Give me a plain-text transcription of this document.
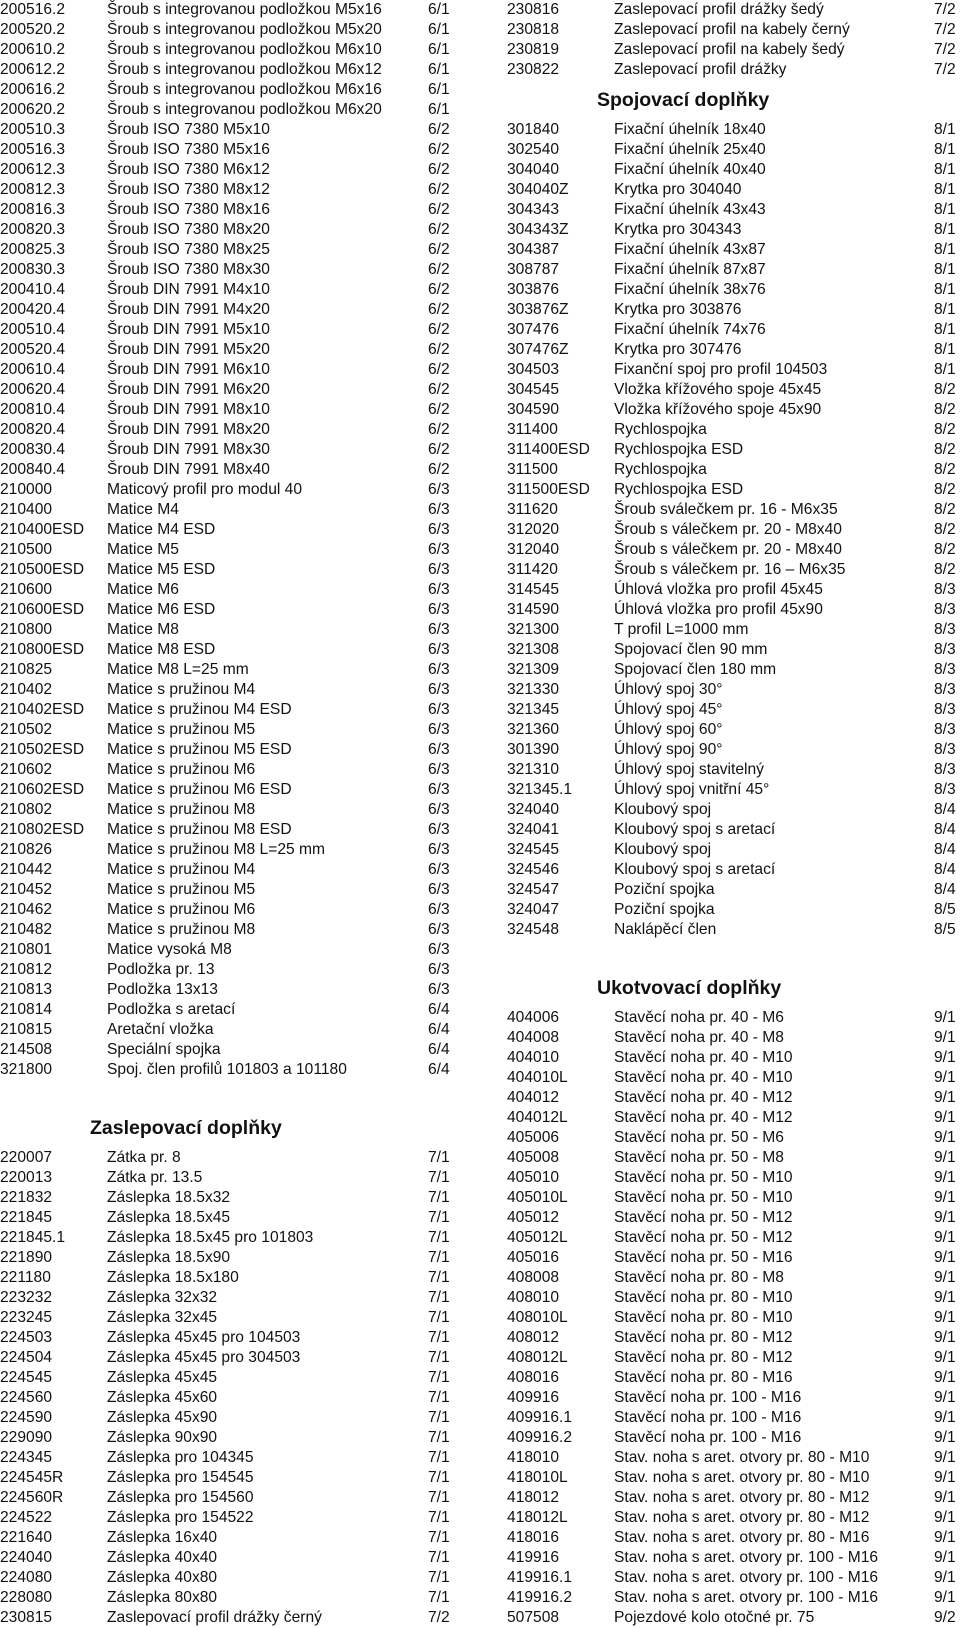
200516.2	Šroub s integrovanou podložkou M5x16	6/1
200520.2	Šroub s integrovanou podložkou M5x20	6/1
200610.2	Šroub s integrovanou podložkou M6x10	6/1
200612.2	Šroub s integrovanou podložkou M6x12	6/1
200616.2	Šroub s integrovanou podložkou M6x16	6/1
200620.2	Šroub s integrovanou podložkou M6x20	6/1
200510.3	Šroub ISO 7380 M5x10	6/2
200516.3	Šroub ISO 7380 M5x16	6/2
200612.3	Šroub ISO 7380 M6x12	6/2
200812.3	Šroub ISO 7380 M8x12	6/2
200816.3	Šroub ISO 7380 M8x16	6/2
200820.3	Šroub ISO 7380 M8x20	6/2
200825.3	Šroub ISO 7380 M8x25	6/2
200830.3	Šroub ISO 7380 M8x30	6/2
200410.4	Šroub DIN 7991 M4x10	6/2
200420.4	Šroub DIN 7991 M4x20	6/2
200510.4	Šroub DIN 7991 M5x10	6/2
200520.4	Šroub DIN 7991 M5x20	6/2
200610.4	Šroub DIN 7991 M6x10	6/2
200620.4	Šroub DIN 7991 M6x20	6/2
200810.4	Šroub DIN 7991 M8x10	6/2
200820.4	Šroub DIN 7991 M8x20	6/2
200830.4	Šroub DIN 7991 M8x30	6/2
200840.4	Šroub DIN 7991 M8x40	6/2
210000	Maticový profil pro modul 40	6/3
210400	Matice M4	6/3
210400ESD Matice M4 ESD	6/3
210500	Matice M5	6/3
210500ESD Matice M5 ESD	6/3
210600	Matice M6	6/3
210600ESD Matice M6 ESD	6/3
210800	Matice M8	6/3
210800ESD Matice M8 ESD	6/3
210825	Matice M8 L=25 mm	6/3
210402	Matice s pružinou M4	6/3
210402ESD Matice s pružinou M4 ESD	6/3
210502	Matice s pružinou M5	6/3
210502ESD Matice s pružinou M5 ESD	6/3
210602	Matice s pružinou M6	6/3
210602ESD Matice s pružinou M6 ESD	6/3
210802	Matice s pružinou M8	6/3
210802ESD Matice s pružinou M8 ESD	6/3
210826	Matice s pružinou M8 L=25 mm	6/3
210442	Matice s pružinou M4	6/3
210452	Matice s pružinou M5	6/3
210462	Matice s pružinou M6	6/3
210482	Matice s pružinou M8	6/3
210801	Matice vysoká M8	6/3
210812	Podložka pr. 13	6/3
210813	Podložka 13x13	6/3
210814	Podložka s aretací	6/4
210815	Aretační vložka	6/4
214508	Speciální spojka	6/4
321800	Spoj. člen profilů 101803 a 101180	6/4
Zaslepovací doplňky
220007	Zátka pr. 8	7/1
220013	Zátka pr. 13.5	7/1
221832	Záslepka 18.5x32	7/1
221845	Záslepka 18.5x45	7/1
221845.1	Záslepka 18.5x45 pro 101803	7/1
221890	Záslepka 18.5x90	7/1
221180	Záslepka 18.5x180	7/1
223232	Záslepka 32x32	7/1
223245	Záslepka 32x45	7/1
224503	Záslepka 45x45 pro 104503	7/1
224504	Záslepka 45x45 pro 304503	7/1
224545	Záslepka 45x45	7/1
224560	Záslepka 45x60	7/1
224590	Záslepka 45x90	7/1
229090	Záslepka 90x90	7/1
224345	Záslepka pro 104345	7/1
224545R	Záslepka pro 154545	7/1
224560R	Záslepka pro 154560	7/1
224522	Záslepka pro 154522	7/1
221640	Záslepka 16x40	7/1
224040	Záslepka 40x40	7/1
224080	Záslepka 40x80	7/1
228080	Záslepka 80x80	7/1
230815	Zaslepovací profil drážky černý	7/2
230816	Zaslepovací profil drážky šedý	7/2
230818	Zaslepovací profil na kabely černý	7/2
230819	Zaslepovací profil na kabely šedý	7/2
230822	Zaslepovací profil drážky	7/2
Spojovací doplňky
301840	Fixační úhelník 18x40	8/1
302540	Fixační úhelník 25x40	8/1
304040	Fixační úhelník 40x40	8/1
304040Z	Krytka pro 304040	8/1
304343	Fixační úhelník 43x43	8/1
304343Z	Krytka pro 304343	8/1
304387	Fixační úhelník 43x87	8/1
308787	Fixační úhelník 87x87	8/1
303876	Fixační úhelník 38x76	8/1
303876Z	Krytka pro 303876	8/1
307476	Fixační úhelník 74x76	8/1
307476Z	Krytka pro 307476	8/1
304503	Fixanční spoj pro profil 104503	8/1
304545	Vložka křížového spoje 45x45	8/2
304590	Vložka křížového spoje 45x90	8/2
311400	Rychlospojka	8/2
311400ESD Rychlospojka ESD	8/2
311500	Rychlospojka	8/2
311500ESD Rychlospojka ESD	8/2
311620	Šroub sválečkem pr. 16 - M6x35	8/2
312020	Šroub s válečkem pr. 20 - M8x40	8/2
312040	Šroub s válečkem pr. 20 - M8x40	8/2
311420	Šroub s válečkem pr. 16 – M6x35	8/2
314545	Úhlová vložka pro profil 45x45	8/3
314590	Úhlová vložka pro profil 45x90	8/3
321300	T profil L=1000 mm	8/3
321308	Spojovací člen 90 mm	8/3
321309	Spojovací člen 180 mm	8/3
321330	Úhlový spoj 30°	8/3
321345	Úhlový spoj 45°	8/3
321360	Úhlový spoj 60°	8/3
301390	Úhlový spoj 90°	8/3
321310	Úhlový spoj stavitelný	8/3
321345.1	Úhlový spoj vnitřní 45°	8/3
324040	Kloubový spoj	8/4
324041	Kloubový spoj s aretací	8/4
324545	Kloubový spoj	8/4
324546	Kloubový spoj s aretací	8/4
324547	Poziční spojka	8/4
324047	Poziční spojka	8/5
324548	Naklápěcí člen	8/5
Ukotvovací doplňky
404006	Stavěcí noha pr. 40 - M6	9/1
404008	Stavěcí noha pr. 40 - M8	9/1
404010	Stavěcí noha pr. 40 - M10	9/1
404010L	Stavěcí noha pr. 40 - M10	9/1
404012	Stavěcí noha pr. 40 - M12	9/1
404012L	Stavěcí noha pr. 40 - M12	9/1
405006	Stavěcí noha pr. 50 - M6	9/1
405008	Stavěcí noha pr. 50 - M8	9/1
405010	Stavěcí noha pr. 50 - M10	9/1
405010L	Stavěcí noha pr. 50 - M10	9/1
405012	Stavěcí noha pr. 50 - M12	9/1
405012L	Stavěcí noha pr. 50 - M12	9/1
405016	Stavěcí noha pr. 50 - M16	9/1
408008	Stavěcí noha pr. 80 - M8	9/1
408010	Stavěcí noha pr. 80 - M10	9/1
408010L	Stavěcí noha pr. 80 - M10	9/1
408012	Stavěcí noha pr. 80 - M12	9/1
408012L	Stavěcí noha pr. 80 - M12	9/1
408016	Stavěcí noha pr. 80 - M16	9/1
409916	Stavěcí noha pr. 100 - M16	9/1
409916.1	Stavěcí noha pr. 100 - M16	9/1
409916.2	Stavěcí noha pr. 100 - M16	9/1
418010	Stav. noha s aret. otvory pr. 80 - M10	9/1
418010L	Stav. noha s aret. otvory pr. 80 - M10	9/1
418012	Stav. noha s aret. otvory pr. 80 - M12	9/1
418012L	Stav. noha s aret. otvory pr. 80 - M12	9/1
418016	Stav. noha s aret. otvory pr. 80 - M16	9/1
419916	Stav. noha s aret. otvory pr. 100 - M16	9/1
419916.1	Stav. noha s aret. otvory pr. 100 - M16	9/1
419916.2	Stav. noha s aret. otvory pr. 100 - M16	9/1
507508	Pojezdové kolo otočné pr. 75	9/2
